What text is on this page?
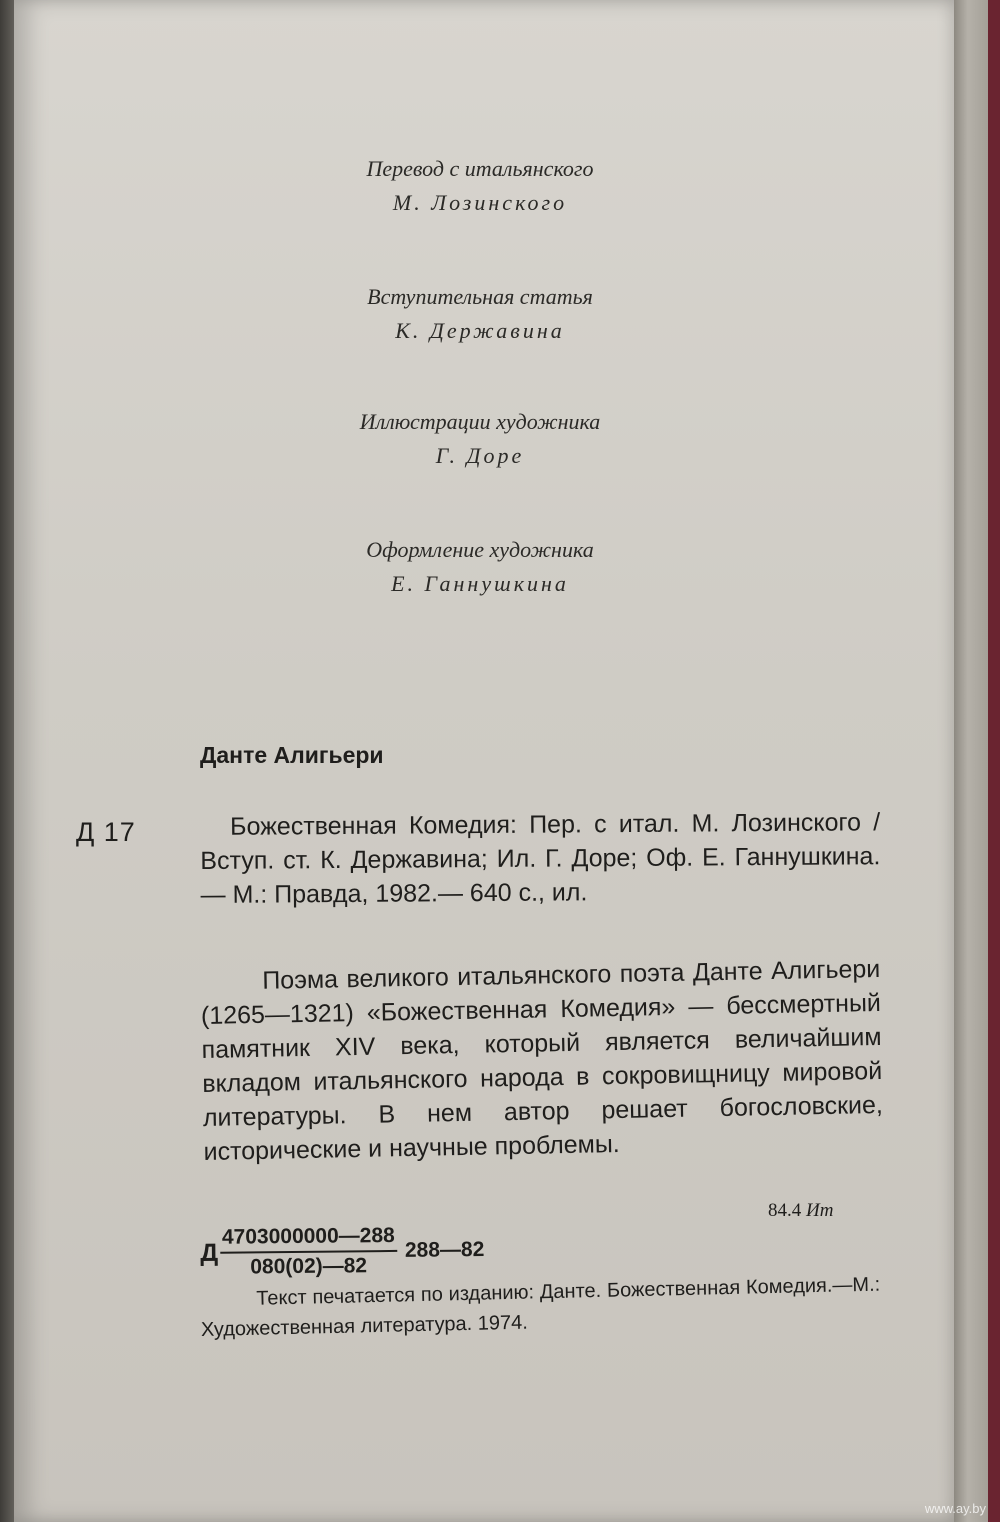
Перевод с итальянского
М. Лозинского
Вступительная статья
К. Державина
Иллюстрации художника
Г. Доре
Оформление художника
Е. Ганнушкина
Данте Алигьери
Д 17	Божественная Комедия: Пер. с итал. М. Лозинского / Вступ. ст. К. Державина; Ил. Г. Доре; Оф. Е. Ганнушкина.— М.: Правда, 1982.— 640 с., ил.
Поэма великого итальянского поэта Данте Алигьери (1265—1321) «Божественная Комедия» — бессмертный памятник XIV века, который является величайшим вкладом итальянского народа в сокровищницу мировой литературы. В нем автор решает богословские, исторические и научные проблемы.
84.4 Ит
Д $\frac{4703000000—288}{080(02)—82}$ 288—82
Текст печатается по изданию: Данте. Божественная Комедия.—М.: Художественная литература. 1974.
www.ay.by
